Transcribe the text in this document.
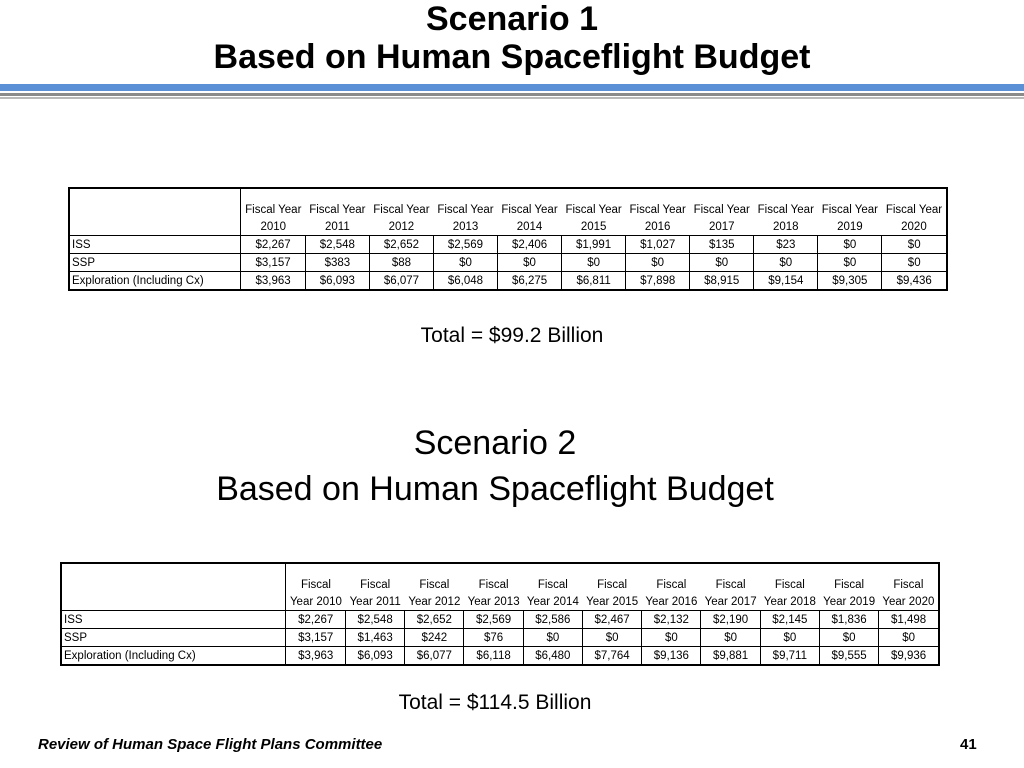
Scenario 1
Based on Human Spaceflight Budget
	Fiscal Year	Fiscal Year	Fiscal Year	Fiscal Year	Fiscal Year	Fiscal Year	Fiscal Year	Fiscal Year	Fiscal Year	Fiscal Year	Fiscal Year
	2010	2011	2012	2013	2014	2015	2016	2017	2018	2019	2020
ISS	$2,267	$2,548	$2,652	$2,569	$2,406	$1,991	$1,027	$135	$23	$0	$0
SSP	$3,157	$383	$88	$0	$0	$0	$0	$0	$0	$0	$0
Exploration (Including Cx)	$3,963	$6,093	$6,077	$6,048	$6,275	$6,811	$7,898	$8,915	$9,154	$9,305	$9,436
Total = $99.2 Billion
Scenario 2
Based on Human Spaceflight Budget
	Fiscal	Fiscal	Fiscal	Fiscal	Fiscal	Fiscal	Fiscal	Fiscal	Fiscal	Fiscal	Fiscal
	Year 2010	Year 2011	Year 2012	Year 2013	Year 2014	Year 2015	Year 2016	Year 2017	Year 2018	Year 2019	Year 2020
ISS	$2,267	$2,548	$2,652	$2,569	$2,586	$2,467	$2,132	$2,190	$2,145	$1,836	$1,498
SSP	$3,157	$1,463	$242	$76	$0	$0	$0	$0	$0	$0	$0
Exploration (Including Cx)	$3,963	$6,093	$6,077	$6,118	$6,480	$7,764	$9,136	$9,881	$9,711	$9,555	$9,936
Total = $114.5 Billion
Review of Human Space Flight Plans Committee	41
